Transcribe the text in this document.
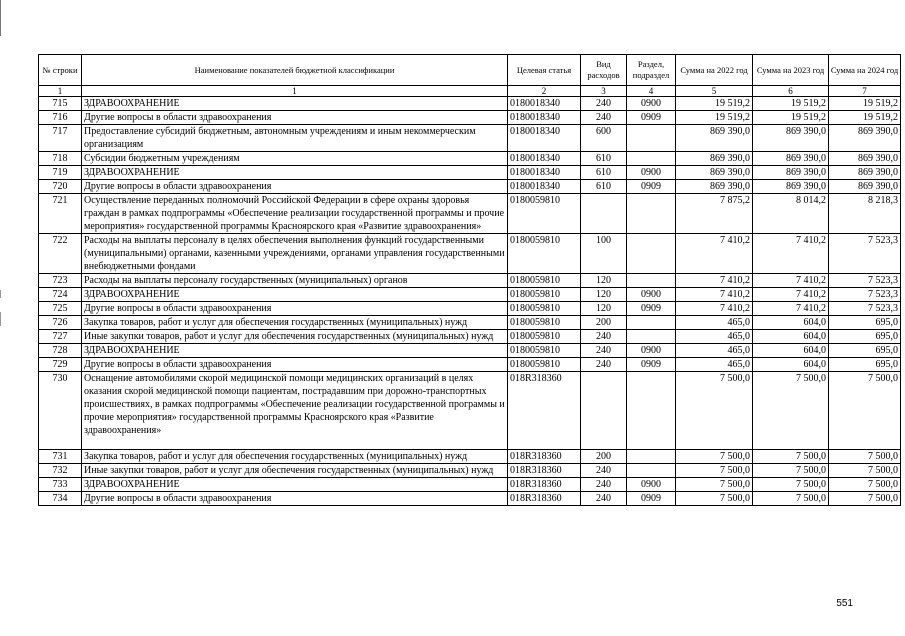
№ строки	Наименование показателей бюджетной классификации	Целевая статья	Вид расходов	Раздел, подраздел	Сумма на 2022 год	Сумма на 2023 год	Сумма на 2024 год
1	1	2	3	4	5	6	7
715	ЗДРАВООХРАНЕНИЕ	0180018340	240	0900	19 519,2	19 519,2	19 519,2
716	Другие вопросы в области здравоохранения	0180018340	240	0909	19 519,2	19 519,2	19 519,2
717	Предоставление субсидий бюджетным, автономным учреждениям и иным некоммерческим организациям	0180018340	600		869 390,0	869 390,0	869 390,0
718	Субсидии бюджетным учреждениям	0180018340	610		869 390,0	869 390,0	869 390,0
719	ЗДРАВООХРАНЕНИЕ	0180018340	610	0900	869 390,0	869 390,0	869 390,0
720	Другие вопросы в области здравоохранения	0180018340	610	0909	869 390,0	869 390,0	869 390,0
721	Осуществление переданных полномочий Российской Федерации в сфере охраны здоровья граждан в рамках подпрограммы «Обеспечение реализации государственной программы и прочие мероприятия» государственной программы Красноярского края «Развитие здравоохранения»	0180059810			7 875,2	8 014,2	8 218,3
722	Расходы на выплаты персоналу в целях обеспечения выполнения функций государственными (муниципальными) органами, казенными учреждениями, органами управления государственными внебюджетными фондами	0180059810	100		7 410,2	7 410,2	7 523,3
723	Расходы на выплаты персоналу государственных (муниципальных) органов	0180059810	120		7 410,2	7 410,2	7 523,3
724	ЗДРАВООХРАНЕНИЕ	0180059810	120	0900	7 410,2	7 410,2	7 523,3
725	Другие вопросы в области здравоохранения	0180059810	120	0909	7 410,2	7 410,2	7 523,3
726	Закупка товаров, работ и услуг для обеспечения государственных (муниципальных) нужд	0180059810	200		465,0	604,0	695,0
727	Иные закупки товаров, работ и услуг для обеспечения государственных (муниципальных) нужд	0180059810	240		465,0	604,0	695,0
728	ЗДРАВООХРАНЕНИЕ	0180059810	240	0900	465,0	604,0	695,0
729	Другие вопросы в области здравоохранения	0180059810	240	0909	465,0	604,0	695,0
730	Оснащение автомобилями скорой медицинской помощи медицинских организаций в целях оказания скорой медицинской помощи пациентам, пострадавшим при дорожно-транспортных происшествиях, в рамках подпрограммы «Обеспечение реализации государственной программы и прочие мероприятия» государственной программы Красноярского края «Развитие здравоохранения»	018R318360			7 500,0	7 500,0	7 500,0
731	Закупка товаров, работ и услуг для обеспечения государственных (муниципальных) нужд	018R318360	200		7 500,0	7 500,0	7 500,0
732	Иные закупки товаров, работ и услуг для обеспечения государственных (муниципальных) нужд	018R318360	240		7 500,0	7 500,0	7 500,0
733	ЗДРАВООХРАНЕНИЕ	018R318360	240	0900	7 500,0	7 500,0	7 500,0
734	Другие вопросы в области здравоохранения	018R318360	240	0909	7 500,0	7 500,0	7 500,0
551
